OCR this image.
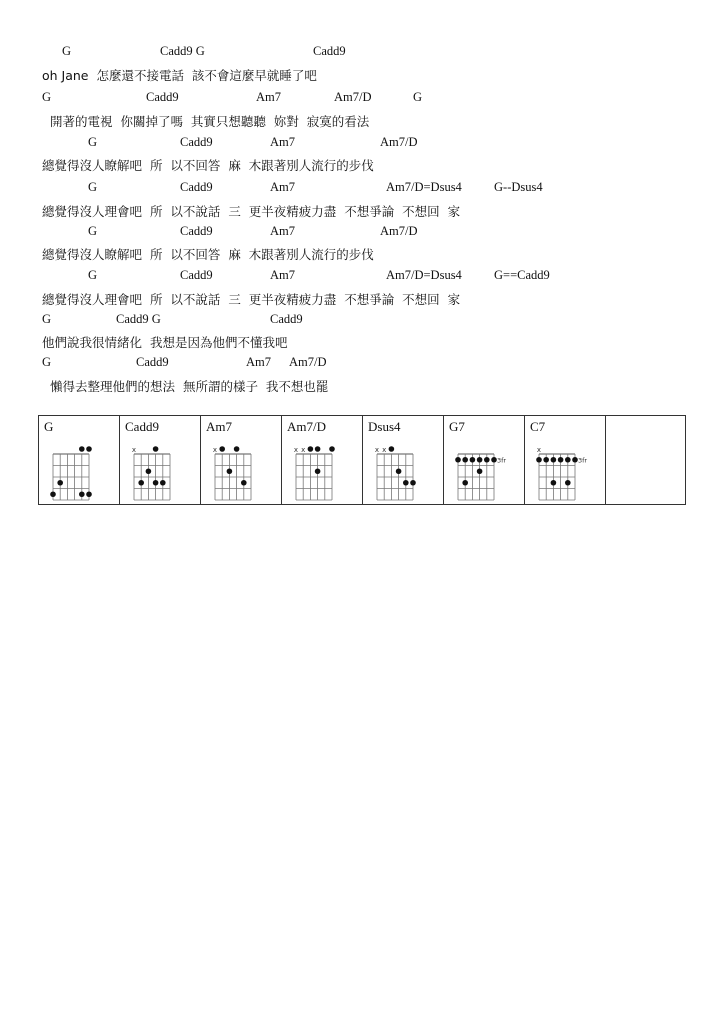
G	Cadd9 G	Cadd9
oh Jane  怎麼還不接電話  該不會這麼早就睡了吧
G	Cadd9	Am7	Am7/D	G
開著的電視  你關掉了嗎  其實只想聽聽  妳對  寂寞的看法
G	Cadd9	Am7	Am7/D
總覺得沒人瞭解吧  所  以不回答  麻  木跟著別人流行的步伐
G	Cadd9	Am7	Am7/D=Dsus4	G--Dsus4
總覺得沒人理會吧  所  以不說話  三  更半夜精疲力盡  不想爭論  不想回  家
G	Cadd9	Am7	Am7/D
總覺得沒人瞭解吧  所  以不回答  麻  木跟著別人流行的步伐
G	Cadd9	Am7	Am7/D=Dsus4	G==Cadd9
總覺得沒人理會吧  所  以不說話  三  更半夜精疲力盡  不想爭論  不想回  家
G	Cadd9 G	Cadd9
他們說我很情緒化  我想是因為他們不懂我吧
G	Cadd9	Am7 Am7/D
懶得去整理他們的想法  無所謂的樣子  我不想也罷
G	Cadd9
x
Am7
x
Am7/D
x x
Dsus4
x x
G7
3fr
C7
x
3fr
